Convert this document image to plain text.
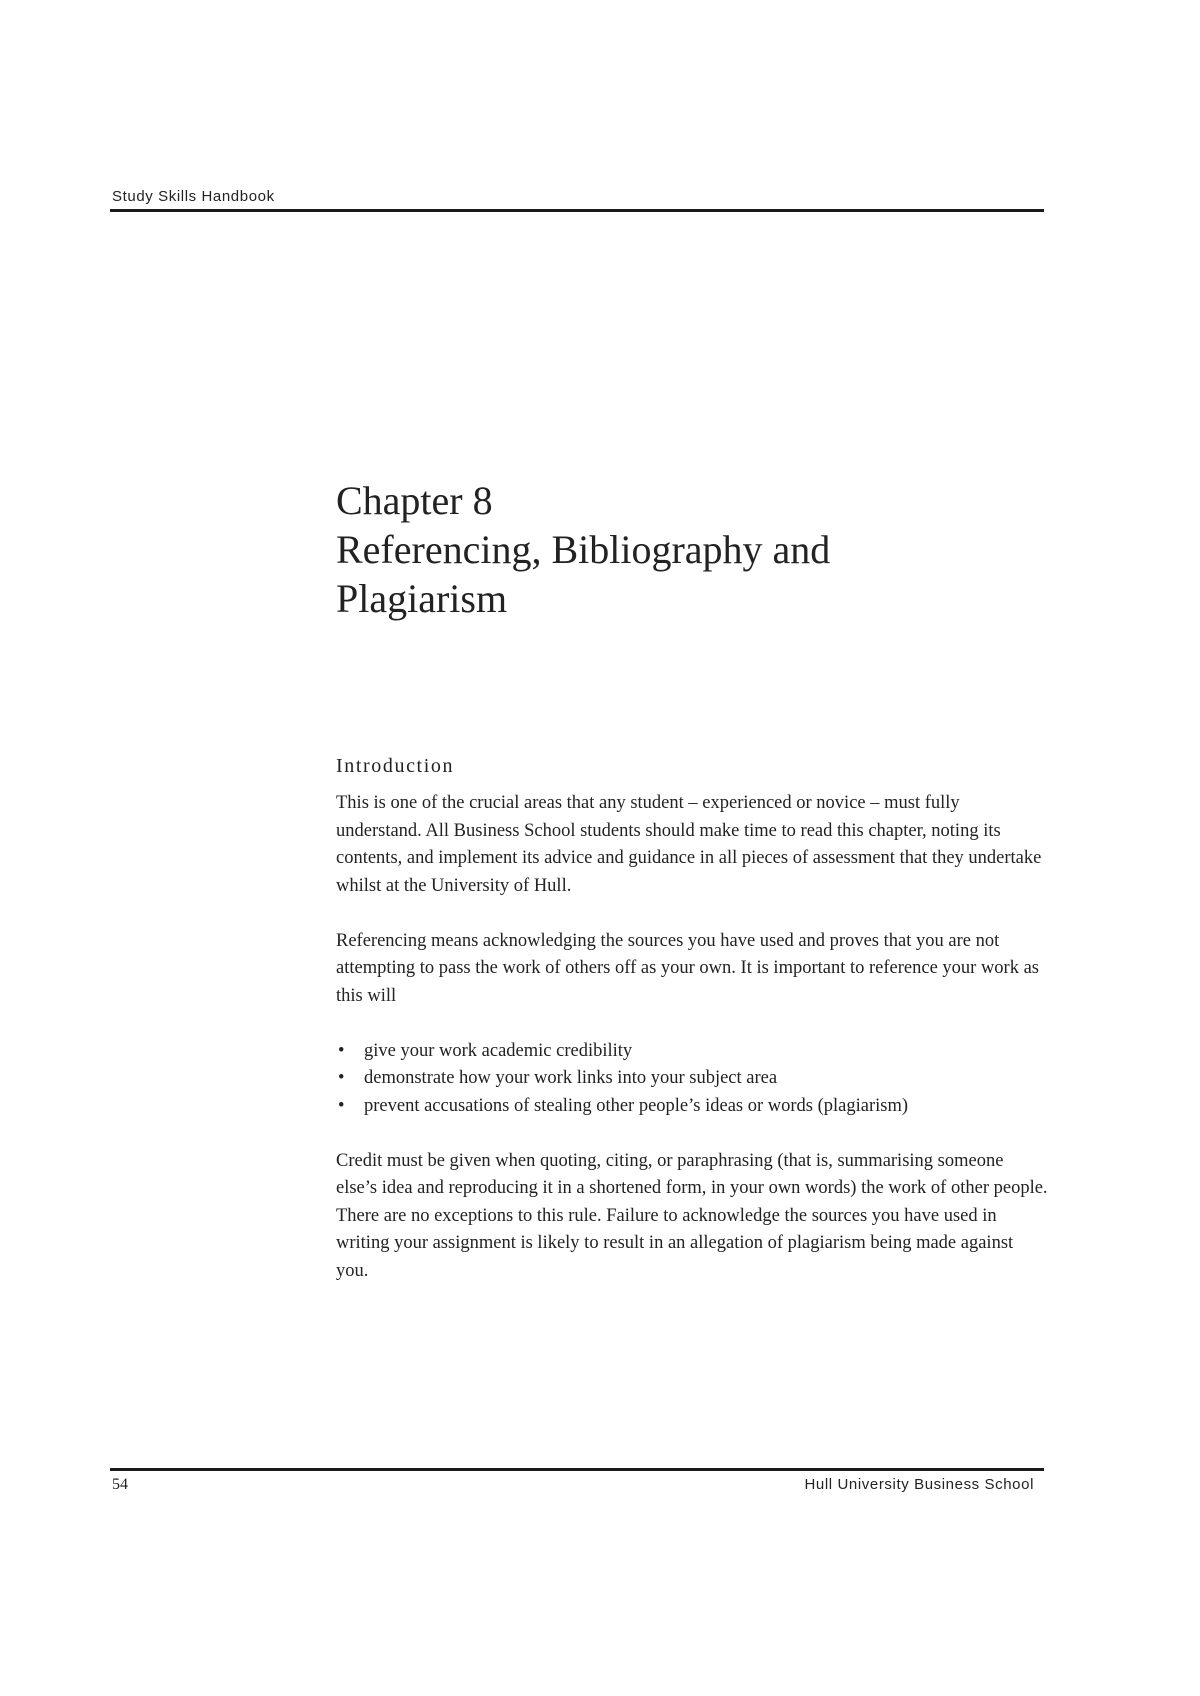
Study Skills Handbook
Chapter 8
Referencing, Bibliography and
Plagiarism
Introduction

This is one of the crucial areas that any student – experienced or novice – must fully understand. All Business School students should make time to read this chapter, noting its contents, and implement its advice and guidance in all pieces of assessment that they undertake whilst at the University of Hull.

Referencing means acknowledging the sources you have used and proves that you are not attempting to pass the work of others off as your own. It is important to reference your work as this will

• give your work academic credibility
• demonstrate how your work links into your subject area
• prevent accusations of stealing other people’s ideas or words (plagiarism)

Credit must be given when quoting, citing, or paraphrasing (that is, summarising someone else’s idea and reproducing it in a shortened form, in your own words) the work of other people. There are no exceptions to this rule. Failure to acknowledge the sources you have used in writing your assignment is likely to result in an allegation of plagiarism being made against you.

54	Hull University Business School
